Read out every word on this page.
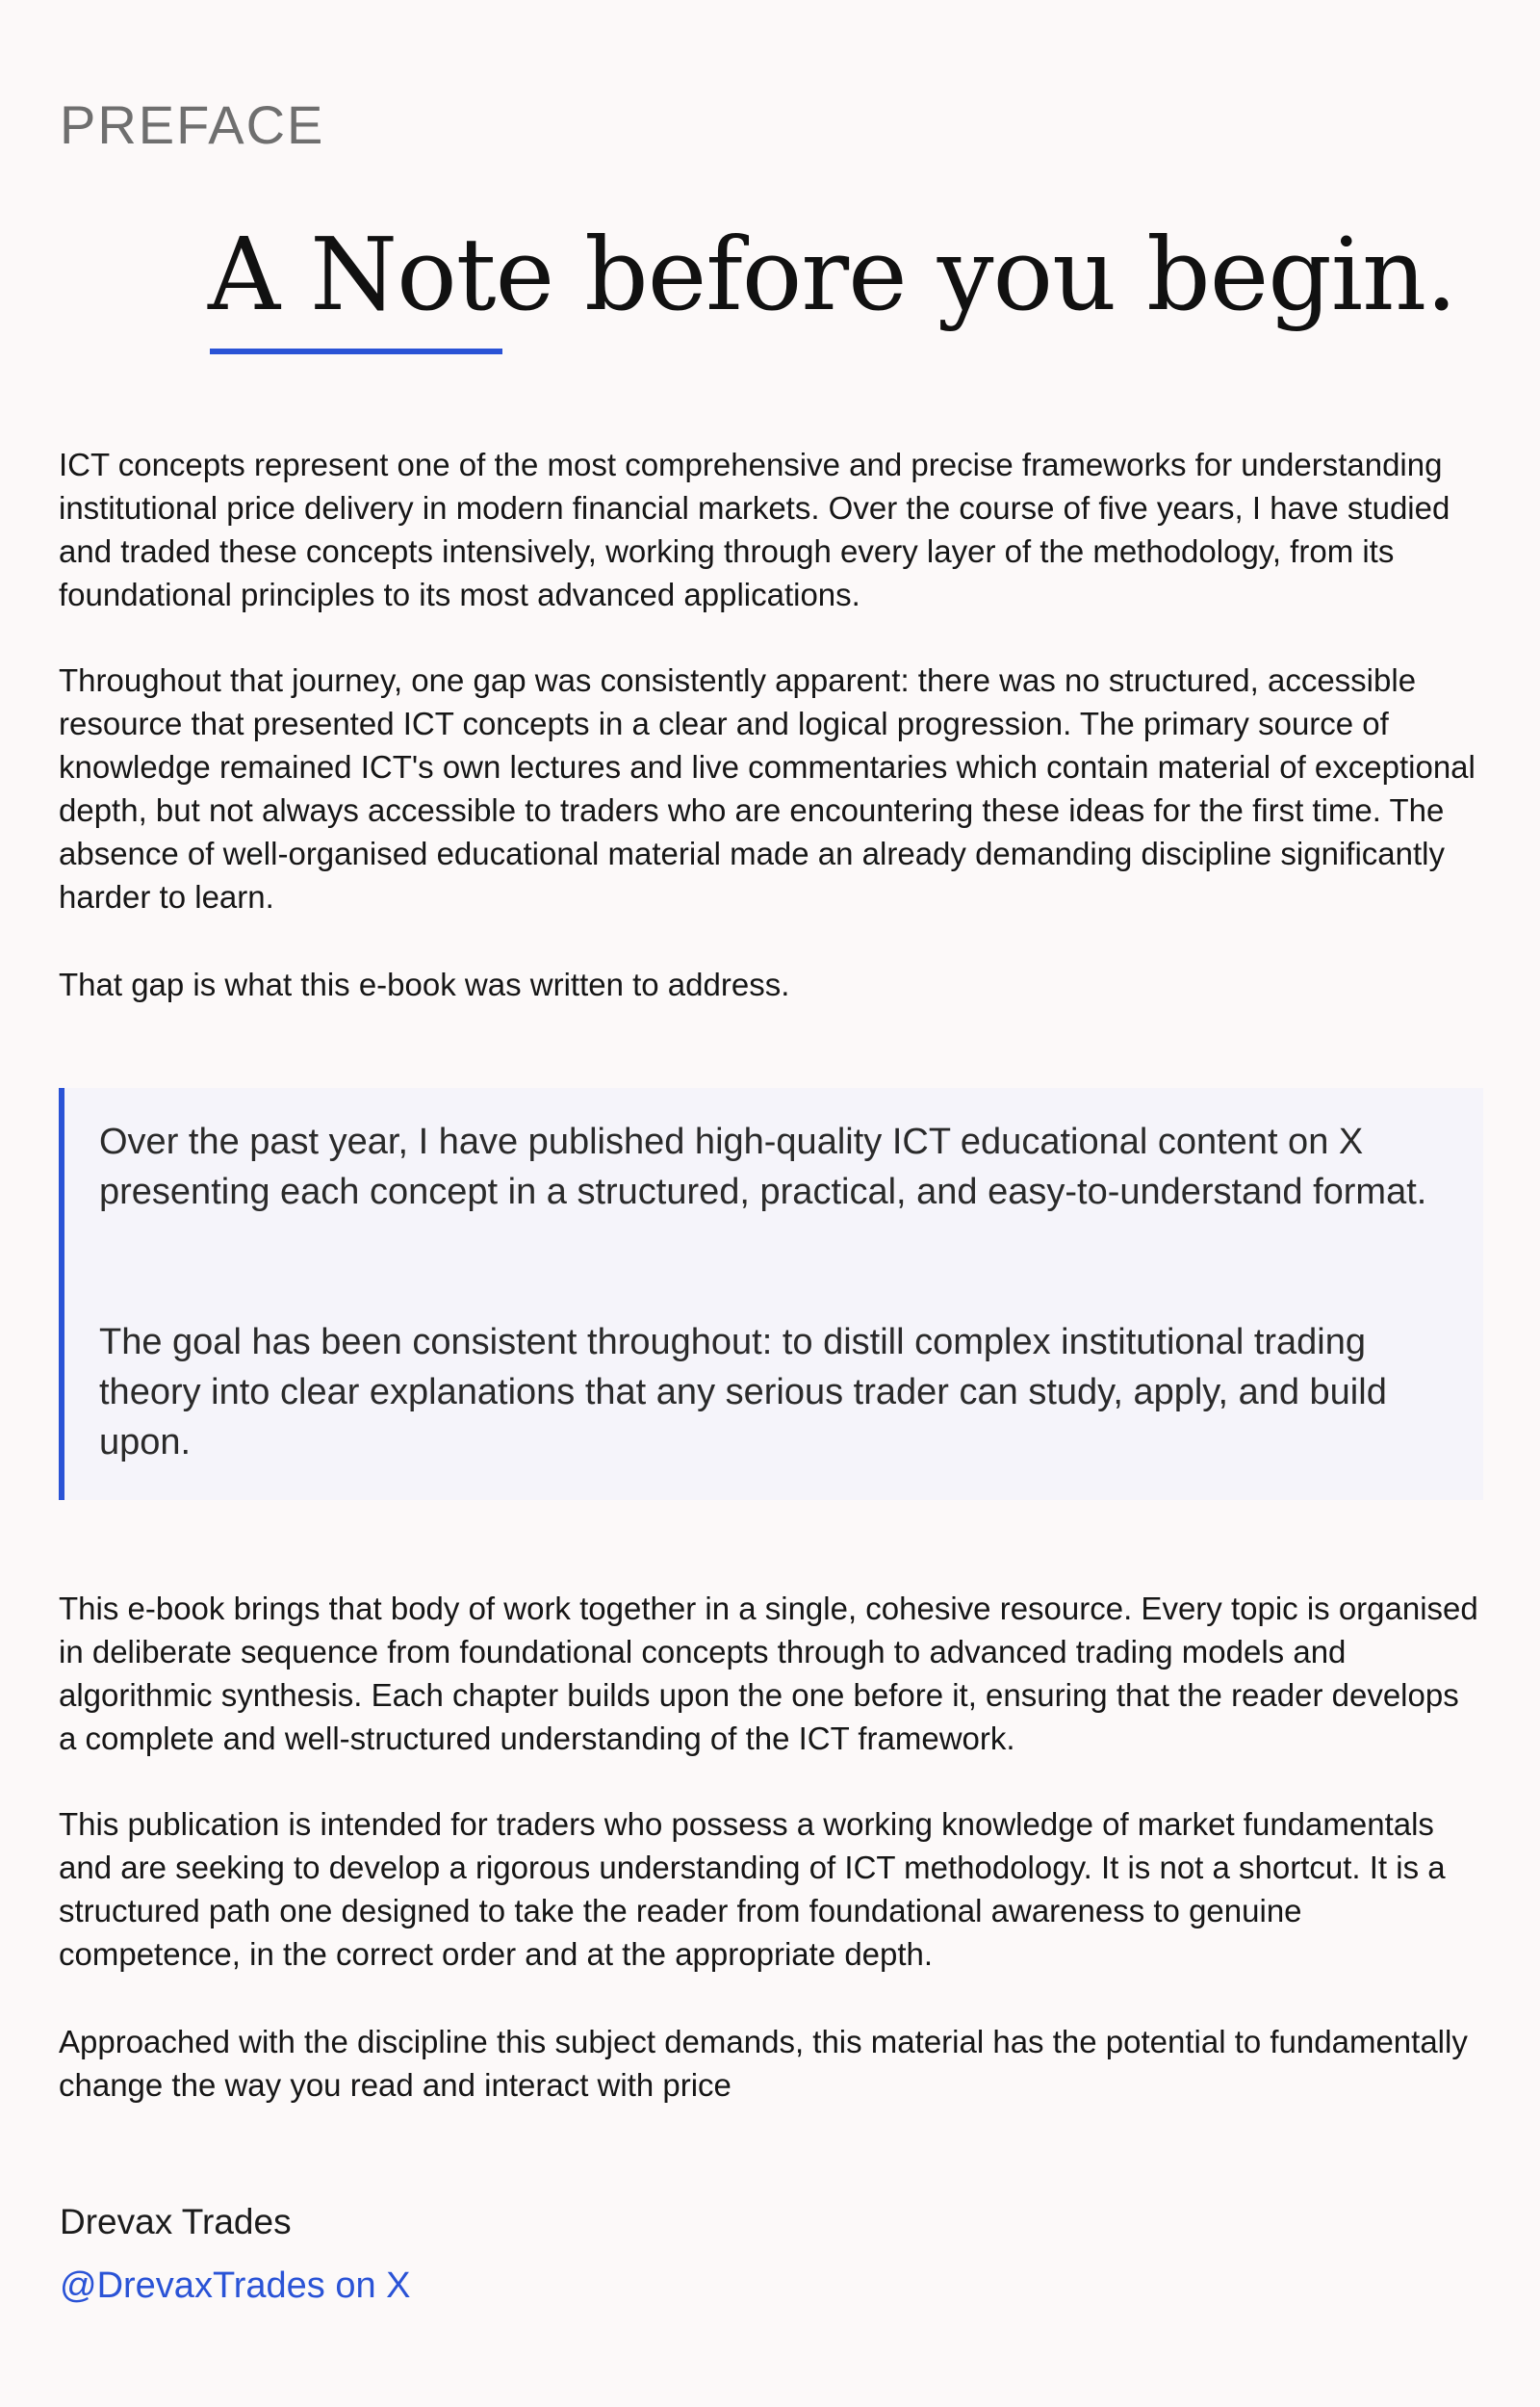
PREFACE
A Note before you begin.

ICT concepts represent one of the most comprehensive and precise frameworks for understanding institutional price delivery in modern financial markets. Over the course of five years, I have studied and traded these concepts intensively, working through every layer of the methodology, from its foundational principles to its most advanced applications.

Throughout that journey, one gap was consistently apparent: there was no structured, accessible resource that presented ICT concepts in a clear and logical progression. The primary source of knowledge remained ICT's own lectures and live commentaries which contain material of exceptional depth, but not always accessible to traders who are encountering these ideas for the first time. The absence of well-organised educational material made an already demanding discipline significantly harder to learn.

That gap is what this e-book was written to address.

Over the past year, I have published high-quality ICT educational content on X presenting each concept in a structured, practical, and easy-to-understand format.

The goal has been consistent throughout: to distill complex institutional trading theory into clear explanations that any serious trader can study, apply, and build upon.

This e-book brings that body of work together in a single, cohesive resource. Every topic is organised in deliberate sequence from foundational concepts through to advanced trading models and algorithmic synthesis. Each chapter builds upon the one before it, ensuring that the reader develops a complete and well-structured understanding of the ICT framework.

This publication is intended for traders who possess a working knowledge of market fundamentals and are seeking to develop a rigorous understanding of ICT methodology. It is not a shortcut. It is a structured path one designed to take the reader from foundational awareness to genuine competence, in the correct order and at the appropriate depth.

Approached with the discipline this subject demands, this material has the potential to fundamentally change the way you read and interact with price

Drevax Trades

@DrevaxTrades on X
